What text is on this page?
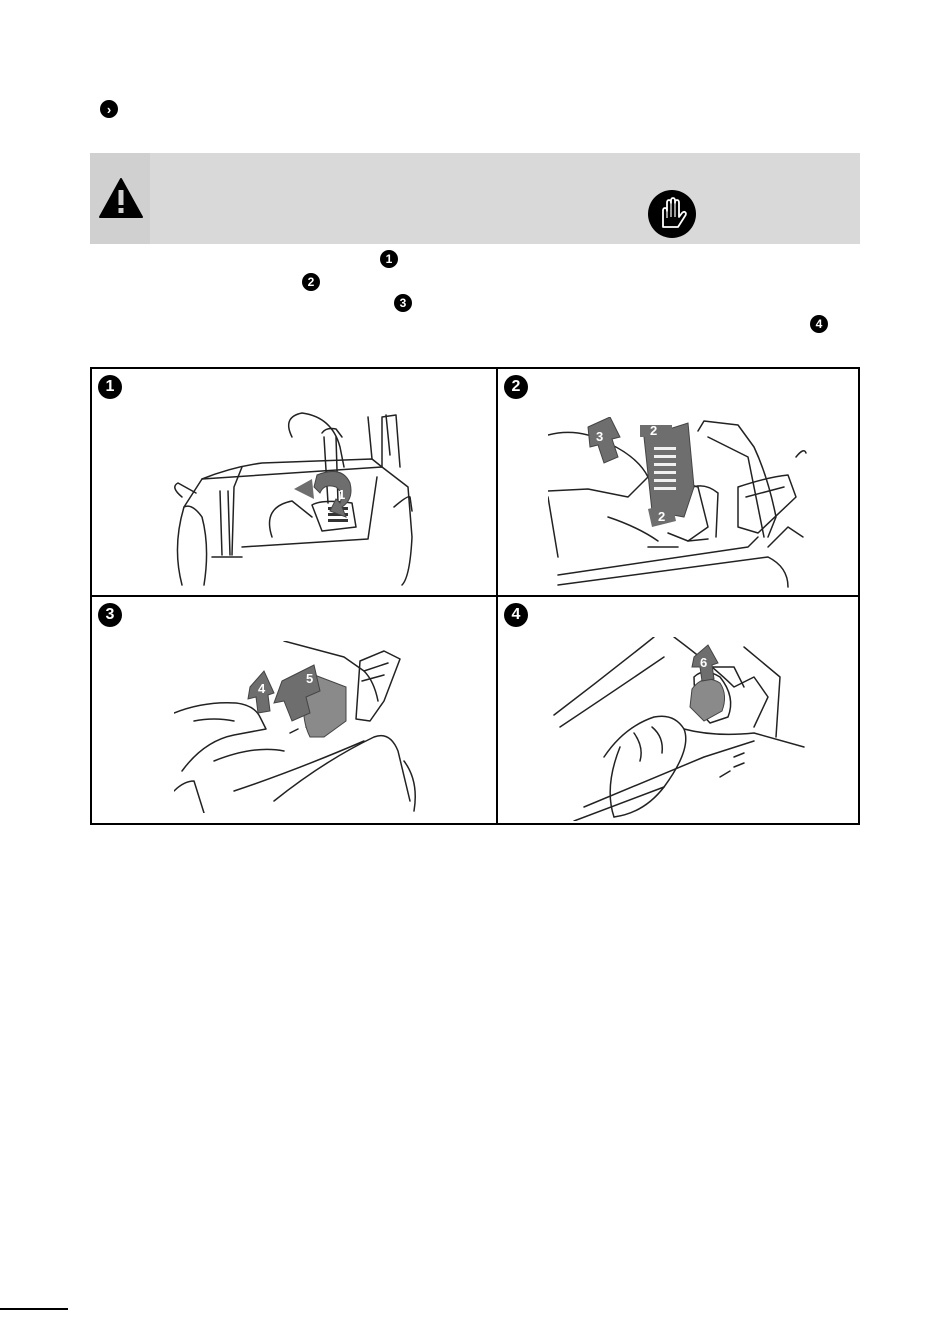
›
1
2
3
4
1
1
2
3	2
2
3
4
5
4
6
